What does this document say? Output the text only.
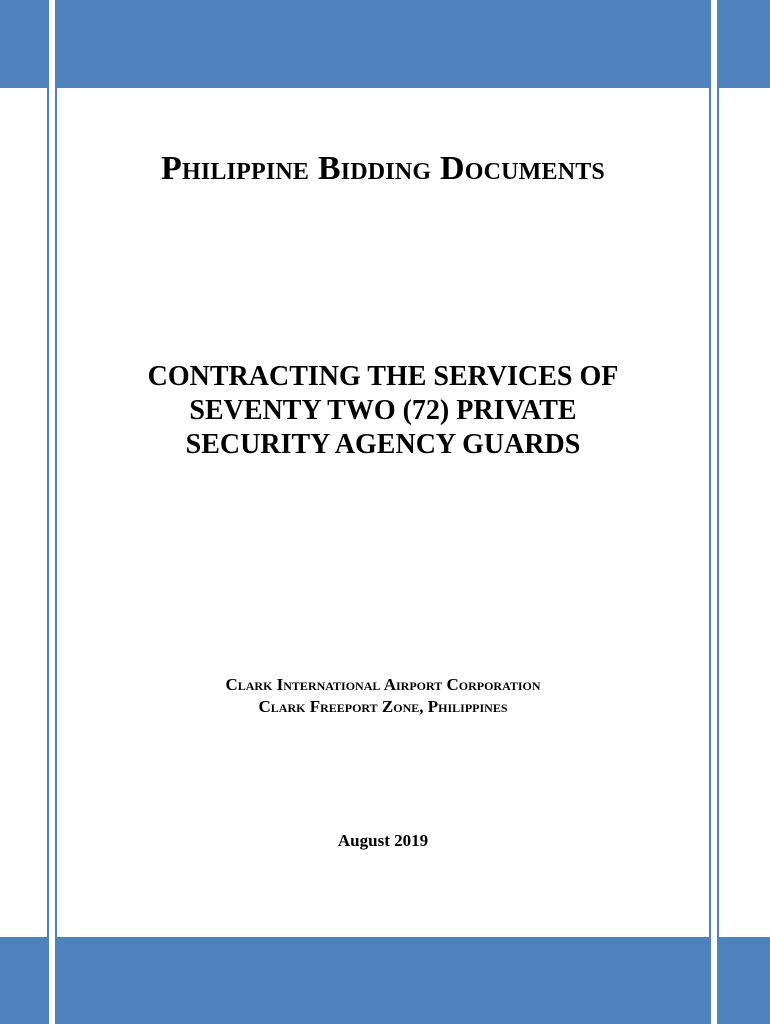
Philippine Bidding Documents
CONTRACTING THE SERVICES OF
SEVENTY TWO (72) PRIVATE
SECURITY AGENCY GUARDS
Clark International Airport Corporation
Clark Freeport Zone, Philippines
August 2019
